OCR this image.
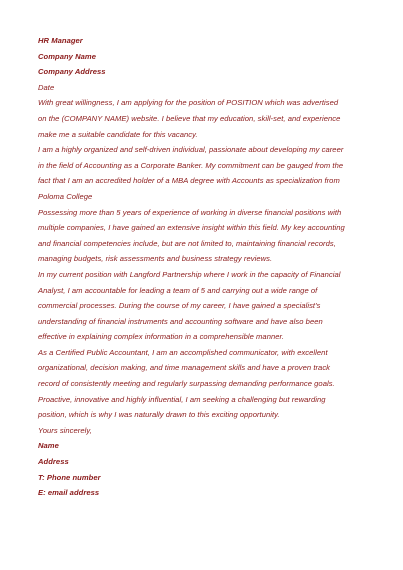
HR Manager
Company Name
Company Address
Date
With great willingness, I am applying for the position of POSITION which was advertised
on the (COMPANY NAME) website. I believe that my education, skill-set, and experience
make me a suitable candidate for this vacancy.
I am a highly organized and self-driven individual, passionate about developing my career
in the field of Accounting as a Corporate Banker. My commitment can be gauged from the
fact that I am an accredited holder of a MBA degree with Accounts as specialization from
Poloma College
Possessing more than 5 years of experience of working in diverse financial positions with
multiple companies, I have gained an extensive insight within this field. My key accounting
and financial competencies include, but are not limited to, maintaining financial records,
managing budgets, risk assessments and business strategy reviews.
In my current position with Langford Partnership where I work in the capacity of Financial
Analyst, I am accountable for leading a team of 5 and carrying out a wide range of
commercial processes. During the course of my career, I have gained a specialist's
understanding of financial instruments and accounting software and have also been
effective in explaining complex information in a comprehensible manner.
As a Certified Public Accountant, I am an accomplished communicator, with excellent
organizational, decision making, and time management skills and have a proven track
record of consistently meeting and regularly surpassing demanding performance goals.
Proactive, innovative and highly influential, I am seeking a challenging but rewarding
position, which is why I was naturally drawn to this exciting opportunity.
Yours sincerely,
Name
Address
T: Phone number
E: email address
